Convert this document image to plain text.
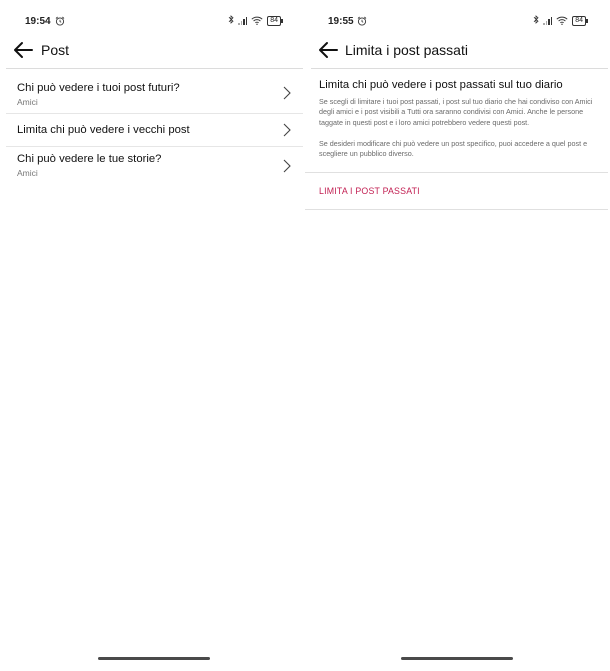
19:54	84
Post
Chi può vedere i tuoi post futuri?
Amici
Limita chi può vedere i vecchi post
Chi può vedere le tue storie?
Amici
19:55	84
Limita i post passati
Limita chi può vedere i post passati sul tuo diario

Se scegli di limitare i tuoi post passati, i post sul tuo diario che hai condiviso con Amici degli amici e i post visibili a Tutti ora saranno condivisi con Amici. Anche le persone taggate in questi post e i loro amici potrebbero vedere questi post.

Se desideri modificare chi può vedere un post specifico, puoi accedere a quel post e scegliere un pubblico diverso.

LIMITA I POST PASSATI
